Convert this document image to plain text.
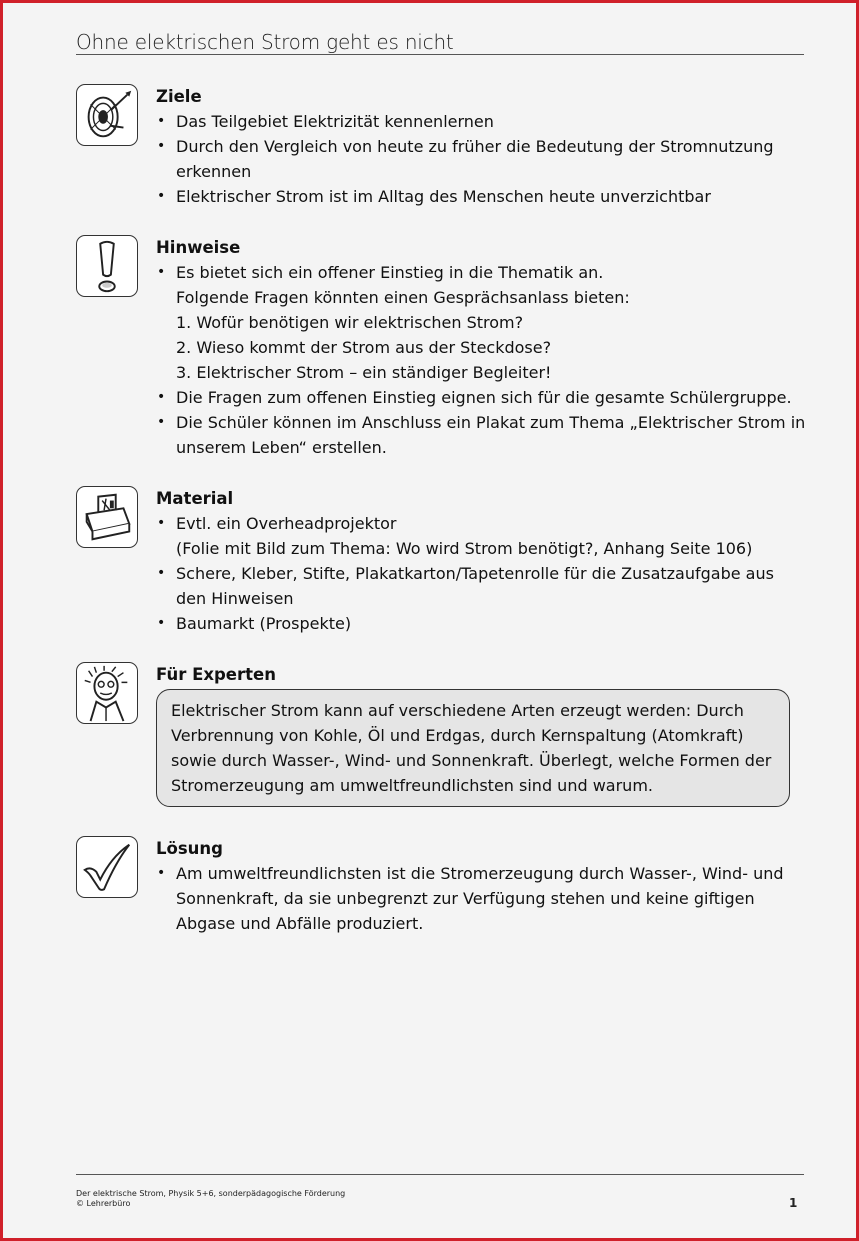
Ohne elektrischen Strom geht es nicht
Ziele
• Das Teilgebiet Elektrizität kennenlernen
• Durch den Vergleich von heute zu früher die Bedeutung der Stromnutzung erkennen
• Elektrischer Strom ist im Alltag des Menschen heute unverzichtbar
Hinweise
• Es bietet sich ein offener Einstieg in die Thematik an.
Folgende Fragen könnten einen Gesprächsanlass bieten:
1. Wofür benötigen wir elektrischen Strom?
2. Wieso kommt der Strom aus der Steckdose?
3. Elektrischer Strom – ein ständiger Begleiter!
• Die Fragen zum offenen Einstieg eignen sich für die gesamte Schülergruppe.
• Die Schüler können im Anschluss ein Plakat zum Thema „Elektrischer Strom in unserem Leben“ erstellen.
Material
• Evtl. ein Overheadprojektor
(Folie mit Bild zum Thema: Wo wird Strom benötigt?, Anhang Seite 106)
• Schere, Kleber, Stifte, Plakatkarton/Tapetenrolle für die Zusatzaufgabe aus den Hinweisen
• Baumarkt (Prospekte)
Für Experten
Elektrischer Strom kann auf verschiedene Arten erzeugt werden: Durch Verbrennung von Kohle, Öl und Erdgas, durch Kernspaltung (Atomkraft) sowie durch Wasser-, Wind- und Sonnenkraft. Überlegt, welche Formen der Stromerzeugung am umweltfreundlichsten sind und warum.
Lösung
• Am umweltfreundlichsten ist die Stromerzeugung durch Wasser-, Wind- und Sonnenkraft, da sie unbegrenzt zur Verfügung stehen und keine giftigen Abgase und Abfälle produziert.
Der elektrische Strom, Physik 5+6, sonderpädagogische Förderung
© Lehrerbüro	1
